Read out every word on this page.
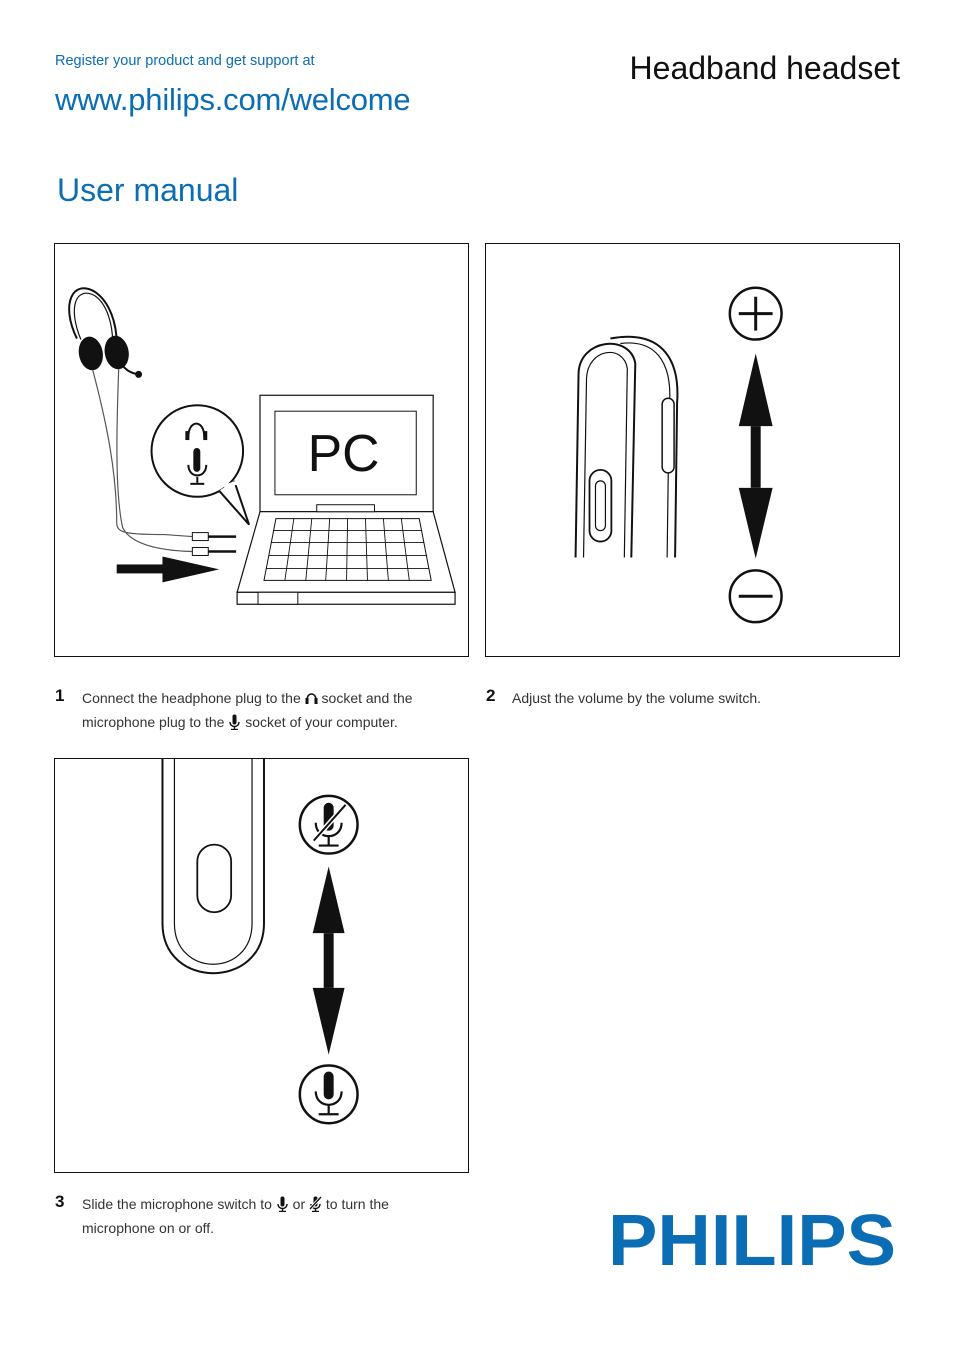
Register your product and get support at
www.philips.com/welcome
Headband headset
User manual
PC
1 Connect the headphone plug to the socket and the microphone plug to the socket of your computer.
2 Adjust the volume by the volume switch.
3 Slide the microphone switch to or to turn the microphone on or off.	PHILIPS
